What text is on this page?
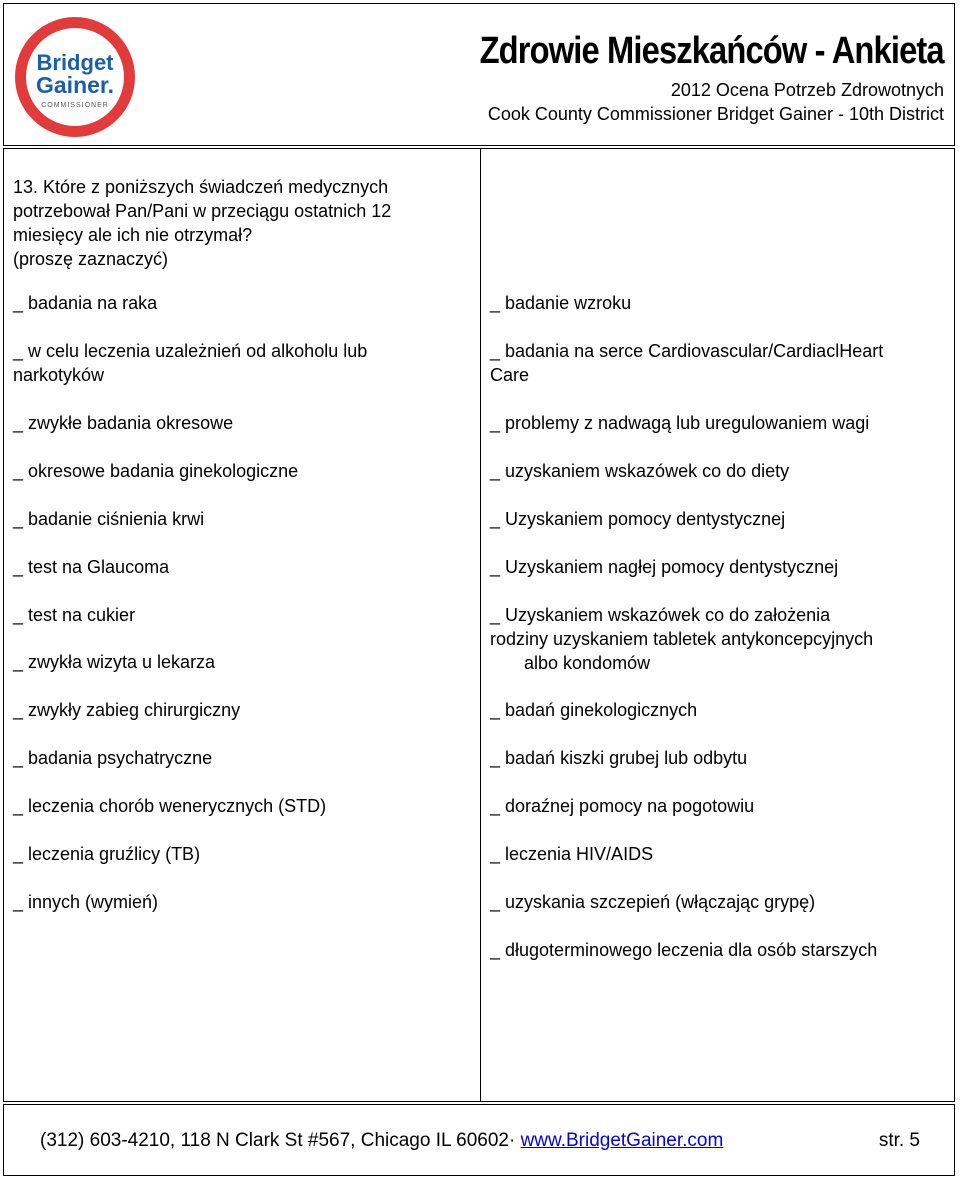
Bridget
Gainer.
COMMISSIONER
Zdrowie Mieszkańców - Ankieta
2012 Ocena Potrzeb Zdrowotnych
Cook County Commissioner Bridget Gainer - 10th District
13. Które z poniższych świadczeń medycznych
potrzebował Pan/Pani w przeciągu ostatnich 12
miesięcy ale ich nie otrzymał?
(proszę zaznaczyć)
_ badania na raka
_ w celu leczenia uzależnień od alkoholu lub
narkotyków
_ zwykłe badania okresowe
_ okresowe badania ginekologiczne
_ badanie ciśnienia krwi
_ test na Glaucoma
_ test na cukier
_ zwykła wizyta u lekarza
_ zwykły zabieg chirurgiczny
_ badania psychatryczne
_ leczenia chorób wenerycznych (STD)
_ leczenia gruźlicy (TB)
_ innych (wymień)
_ badanie wzroku
_ badania na serce Cardiovascular/CardiaclHeart
Care
_ problemy z nadwagą lub uregulowaniem wagi
_ uzyskaniem wskazówek co do diety
_ Uzyskaniem pomocy dentystycznej
_ Uzyskaniem nagłej pomocy dentystycznej
_ Uzyskaniem wskazówek co do założenia
rodziny uzyskaniem tabletek antykoncepcyjnych
albo kondomów
_ badań ginekologicznych
_ badań kiszki grubej lub odbytu
_ doraźnej pomocy na pogotowiu
_ leczenia HIV/AIDS
_ uzyskania szczepień (włączając grypę)
_ długoterminowego leczenia dla osób starszych
(312) 603-4210, 118 N Clark St #567, Chicago IL 60602· www.BridgetGainer.com	str. 5
